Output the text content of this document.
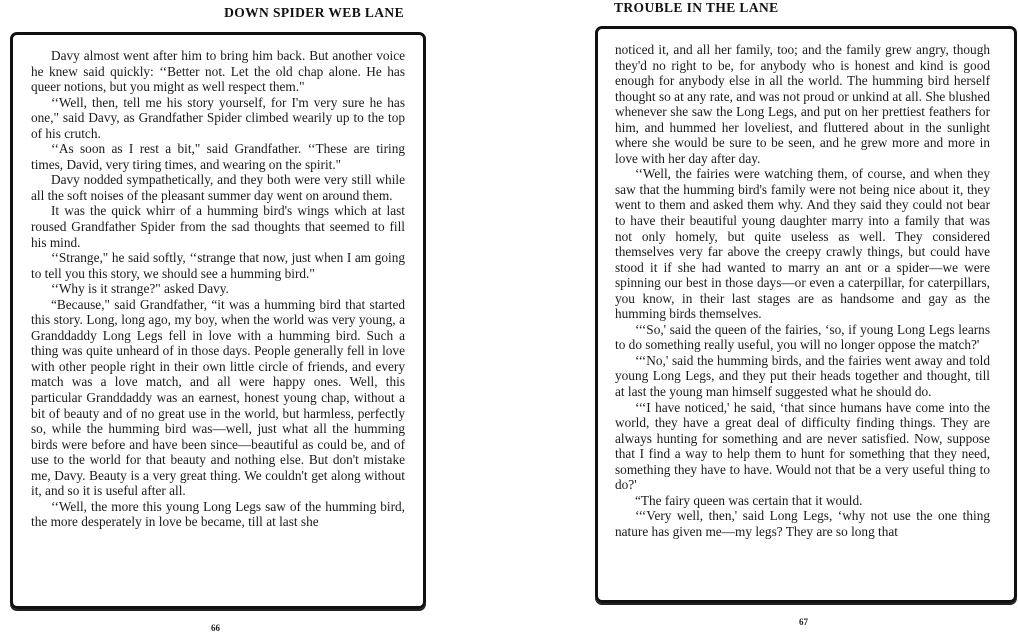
DOWN SPIDER WEB LANE

Davy almost went after him to bring him back. But another voice he knew said quickly: ‘‘Better not. Let the old chap alone. He has queer notions, but you might as well respect them."

‘‘Well, then, tell me his story yourself, for I'm very sure he has one," said Davy, as Grandfather Spider climbed wearily up to the top of his crutch.

‘‘As soon as I rest a bit," said Grandfather. ‘‘These are tiring times, David, very tiring times, and wearing on the spirit."

Davy nodded sympathetically, and they both were very still while all the soft noises of the pleasant summer day went on around them.

It was the quick whirr of a humming bird's wings which at last roused Grandfather Spider from the sad thoughts that seemed to fill his mind.

‘‘Strange," he said softly, ‘‘strange that now, just when I am going to tell you this story, we should see a humming bird."

‘‘Why is it strange?" asked Davy.

“Because," said Grandfather, “it was a humming bird that started this story. Long, long ago, my boy, when the world was very young, a Granddaddy Long Legs fell in love with a humming bird. Such a thing was quite unheard of in those days. People generally fell in love with other people right in their own little circle of friends, and every match was a love match, and all were happy ones. Well, this particular Granddaddy was an earnest, honest young chap, without a bit of beauty and of no great use in the world, but harmless, perfectly so, while the humming bird was—well, just what all the humming birds were before and have been since—beautiful as could be, and of use to the world for that beauty and nothing else. But don't mistake me, Davy. Beauty is a very great thing. We couldn't get along without it, and so it is useful after all.

‘‘Well, the more this young Long Legs saw of the humming bird, the more desperately in love be became, till at last she

66
TROUBLE IN THE LANE

noticed it, and all her family, too; and the family grew angry, though they'd no right to be, for anybody who is honest and kind is good enough for anybody else in all the world. The humming bird herself thought so at any rate, and was not proud or unkind at all. She blushed whenever she saw the Long Legs, and put on her prettiest feathers for him, and hummed her loveliest, and fluttered about in the sunlight where she would be sure to be seen, and he grew more and more in love with her day after day.

‘‘Well, the fairies were watching them, of course, and when they saw that the humming bird's family were not being nice about it, they went to them and asked them why. And they said they could not bear to have their beautiful young daughter marry into a family that was not only homely, but quite useless as well. They considered themselves very far above the creepy crawly things, but could have stood it if she had wanted to marry an ant or a spider—we were spinning our best in those days—or even a caterpillar, for caterpillars, you know, in their last stages are as handsome and gay as the humming birds themselves.

‘‘‘So,' said the queen of the fairies, ‘so, if young Long Legs learns to do something really useful, you will no longer oppose the match?'

‘‘‘No,' said the humming birds, and the fairies went away and told young Long Legs, and they put their heads together and thought, till at last the young man himself suggested what he should do.

‘‘‘I have noticed,' he said, ‘that since humans have come into the world, they have a great deal of difficulty finding things. They are always hunting for something and are never satisfied. Now, suppose that I find a way to help them to hunt for something that they need, something they have to have. Would not that be a very useful thing to do?'

“The fairy queen was certain that it would.

‘‘‘Very well, then,' said Long Legs, ‘why not use the one thing nature has given me—my legs? They are so long that

67
